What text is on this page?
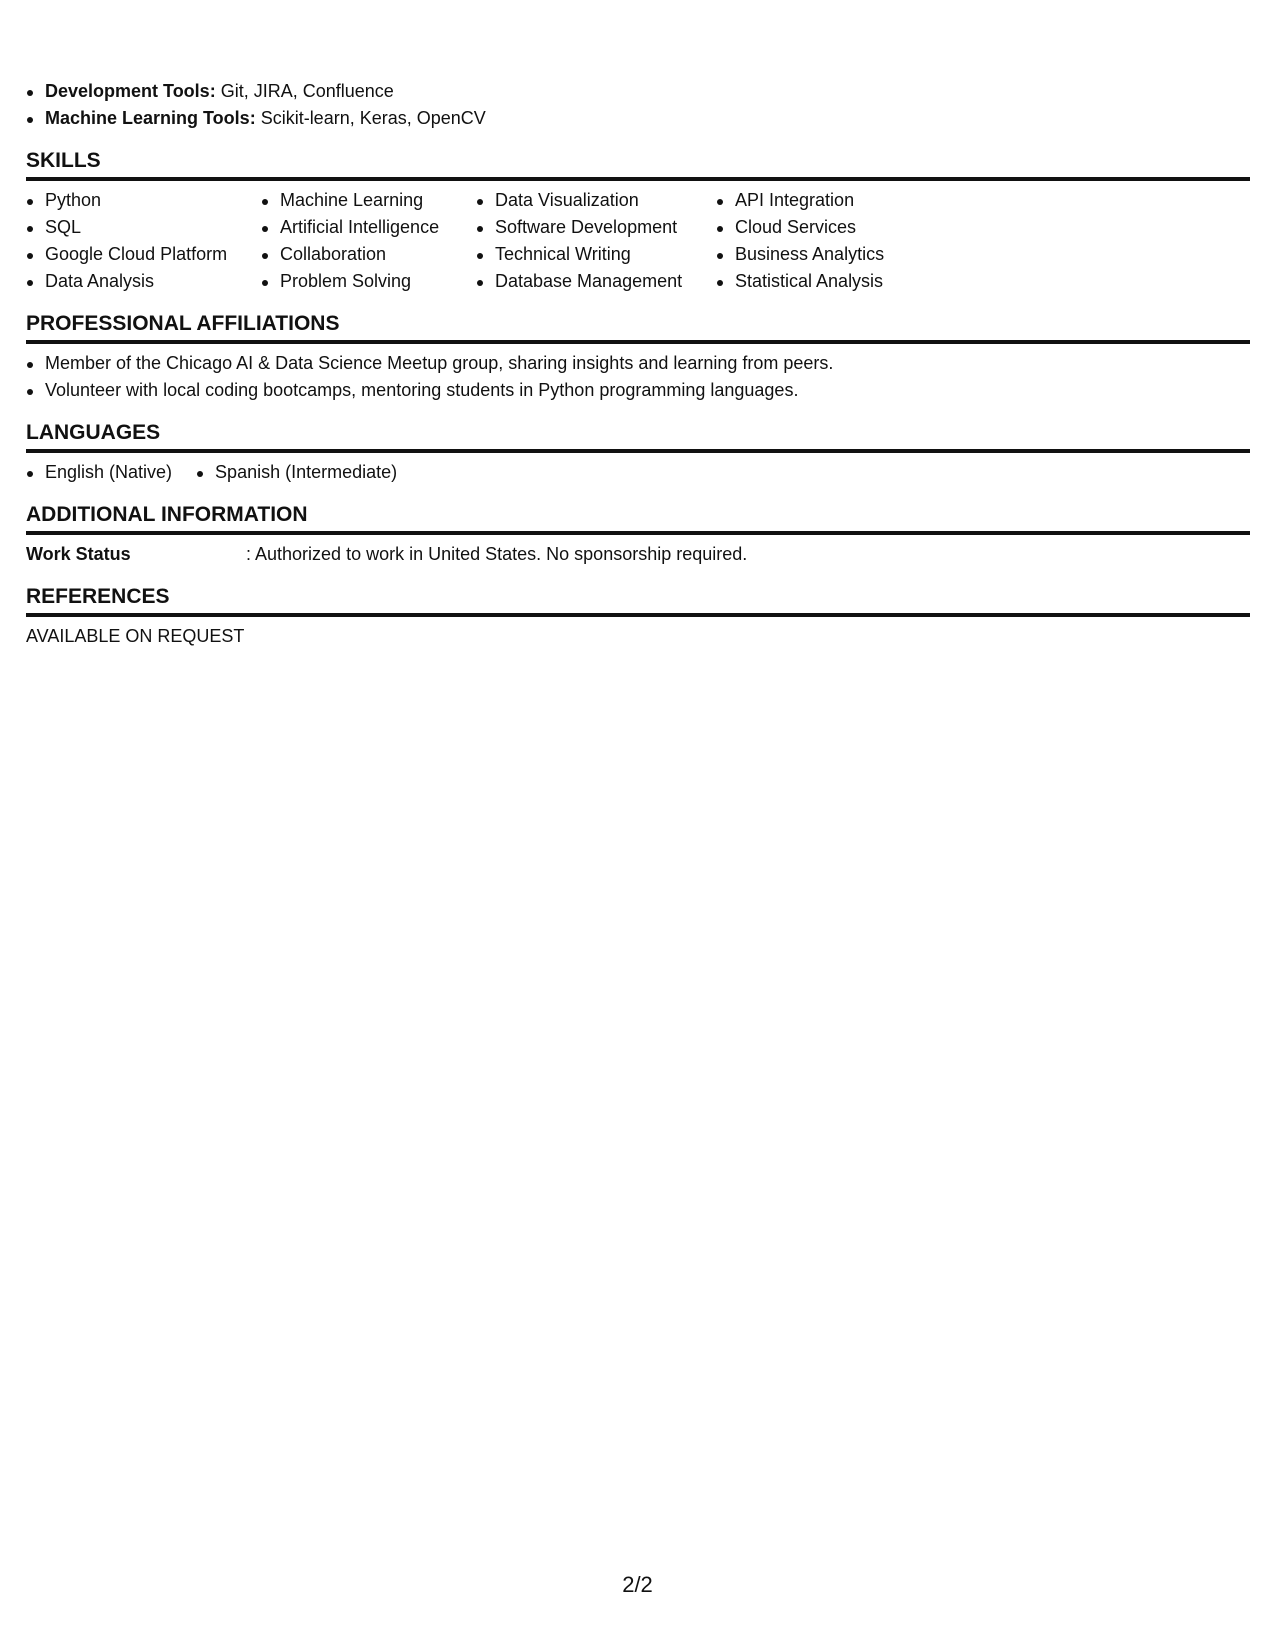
Development Tools: Git, JIRA, Confluence
Machine Learning Tools: Scikit-learn, Keras, OpenCV
SKILLS
Python
SQL
Google Cloud Platform
Data Analysis
Machine Learning
Artificial Intelligence
Collaboration
Problem Solving
Data Visualization
Software Development
Technical Writing
Database Management
API Integration
Cloud Services
Business Analytics
Statistical Analysis
PROFESSIONAL AFFILIATIONS
Member of the Chicago AI & Data Science Meetup group, sharing insights and learning from peers.
Volunteer with local coding bootcamps, mentoring students in Python programming languages.
LANGUAGES
English (Native)	Spanish (Intermediate)
ADDITIONAL INFORMATION
Work Status	: Authorized to work in United States. No sponsorship required.
REFERENCES
AVAILABLE ON REQUEST
2/2
